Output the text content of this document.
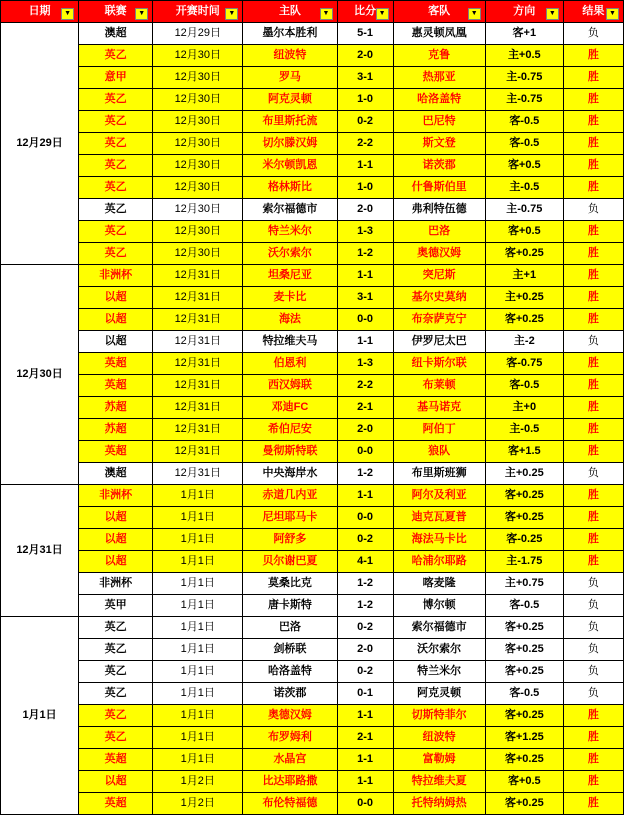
日期 ▼	联赛 ▼	开赛时间 ▼	主队 ▼	比分 ▼	客队 ▼	方向 ▼	结果 ▼

12月29日	澳超	12月29日	墨尔本胜利	5-1	惠灵顿凤凰	客+1	负
	英乙	12月30日	纽波特	2-0	克鲁	主+0.5	胜
	意甲	12月30日	罗马	3-1	热那亚	主-0.75	胜
	英乙	12月30日	阿克灵顿	1-0	哈洛盖特	主-0.75	胜
	英乙	12月30日	布里斯托流	0-2	巴尼特	客-0.5	胜
	英乙	12月30日	切尔滕汉姆	2-2	斯文登	客-0.5	胜
	英乙	12月30日	米尔顿凯恩	1-1	诺茨郡	客+0.5	胜
	英乙	12月30日	格林斯比	1-0	什鲁斯伯里	主-0.5	胜
	英乙	12月30日	索尔福德市	2-0	弗利特伍德	主-0.75	负
	英乙	12月30日	特兰米尔	1-3	巴洛	客+0.5	胜
	英乙	12月30日	沃尔索尔	1-2	奥德汉姆	客+0.25	胜
12月30日	非洲杯	12月31日	坦桑尼亚	1-1	突尼斯	主+1	胜
	以超	12月31日	麦卡比	3-1	基尔史莫纳	主+0.25	胜
	以超	12月31日	海法	0-0	布奈萨克宁	客+0.25	胜
	以超	12月31日	特拉维夫马	1-1	伊罗尼太巴	主-2	负
	英超	12月31日	伯恩利	1-3	纽卡斯尔联	客-0.75	胜
	英超	12月31日	西汉姆联	2-2	布莱顿	客-0.5	胜
	苏超	12月31日	邓迪FC	2-1	基马诺克	主+0	胜
	苏超	12月31日	希伯尼安	2-0	阿伯丁	主-0.5	胜
	英超	12月31日	曼彻斯特联	0-0	狼队	客+1.5	胜
	澳超	12月31日	中央海岸水	1-2	布里斯班狮	主+0.25	负
12月31日	非洲杯	1月1日	赤道几内亚	1-1	阿尔及利亚	客+0.25	胜
	以超	1月1日	尼坦耶马卡	0-0	迪克瓦夏普	客+0.25	胜
	以超	1月1日	阿舒多	0-2	海法马卡比	客-0.25	胜
	以超	1月1日	贝尔谢巴夏	4-1	哈浦尔耶路	主-1.75	胜
	非洲杯	1月1日	莫桑比克	1-2	喀麦隆	主+0.75	负
	英甲	1月1日	唐卡斯特	1-2	博尔顿	客-0.5	负
1月1日	英乙	1月1日	巴洛	0-2	索尔福德市	客+0.25	负
	英乙	1月1日	剑桥联	2-0	沃尔索尔	客+0.25	负
	英乙	1月1日	哈洛盖特	0-2	特兰米尔	客+0.25	负
	英乙	1月1日	诺茨郡	0-1	阿克灵顿	客-0.5	负
	英乙	1月1日	奥德汉姆	1-1	切斯特菲尔	客+0.25	胜
	英乙	1月1日	布罗姆利	2-1	纽波特	客+1.25	胜
	英超	1月1日	水晶宫	1-1	富勒姆	客+0.25	胜
	以超	1月2日	比达耶路撒	1-1	特拉维夫夏	客+0.5	胜
	英超	1月2日	布伦特福德	0-0	托特纳姆热	客+0.25	胜
